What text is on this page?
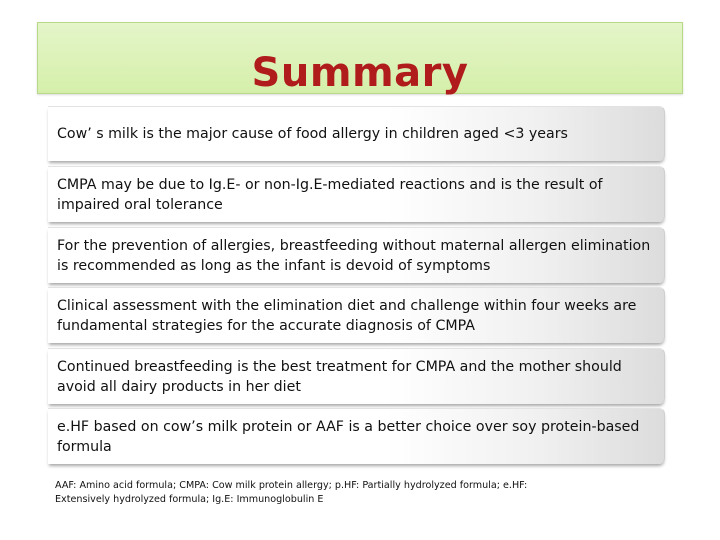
Summary
Cow’ s milk is the major cause of food allergy in children aged <3 years
CMPA may be due to Ig.E- or non-Ig.E-mediated reactions and is the result of impaired oral tolerance
For the prevention of allergies, breastfeeding without maternal allergen elimination is recommended as long as the infant is devoid of symptoms
Clinical assessment with the elimination diet and challenge within four weeks are fundamental strategies for the accurate diagnosis of CMPA
Continued breastfeeding is the best treatment for CMPA and the mother should avoid all dairy products in her diet
e.HF based on cow’s milk protein or AAF is a better choice over soy protein-based formula
AAF: Amino acid formula; CMPA: Cow milk protein allergy; p.HF: Partially hydrolyzed formula; e.HF: Extensively hydrolyzed formula; Ig.E: Immunoglobulin E
